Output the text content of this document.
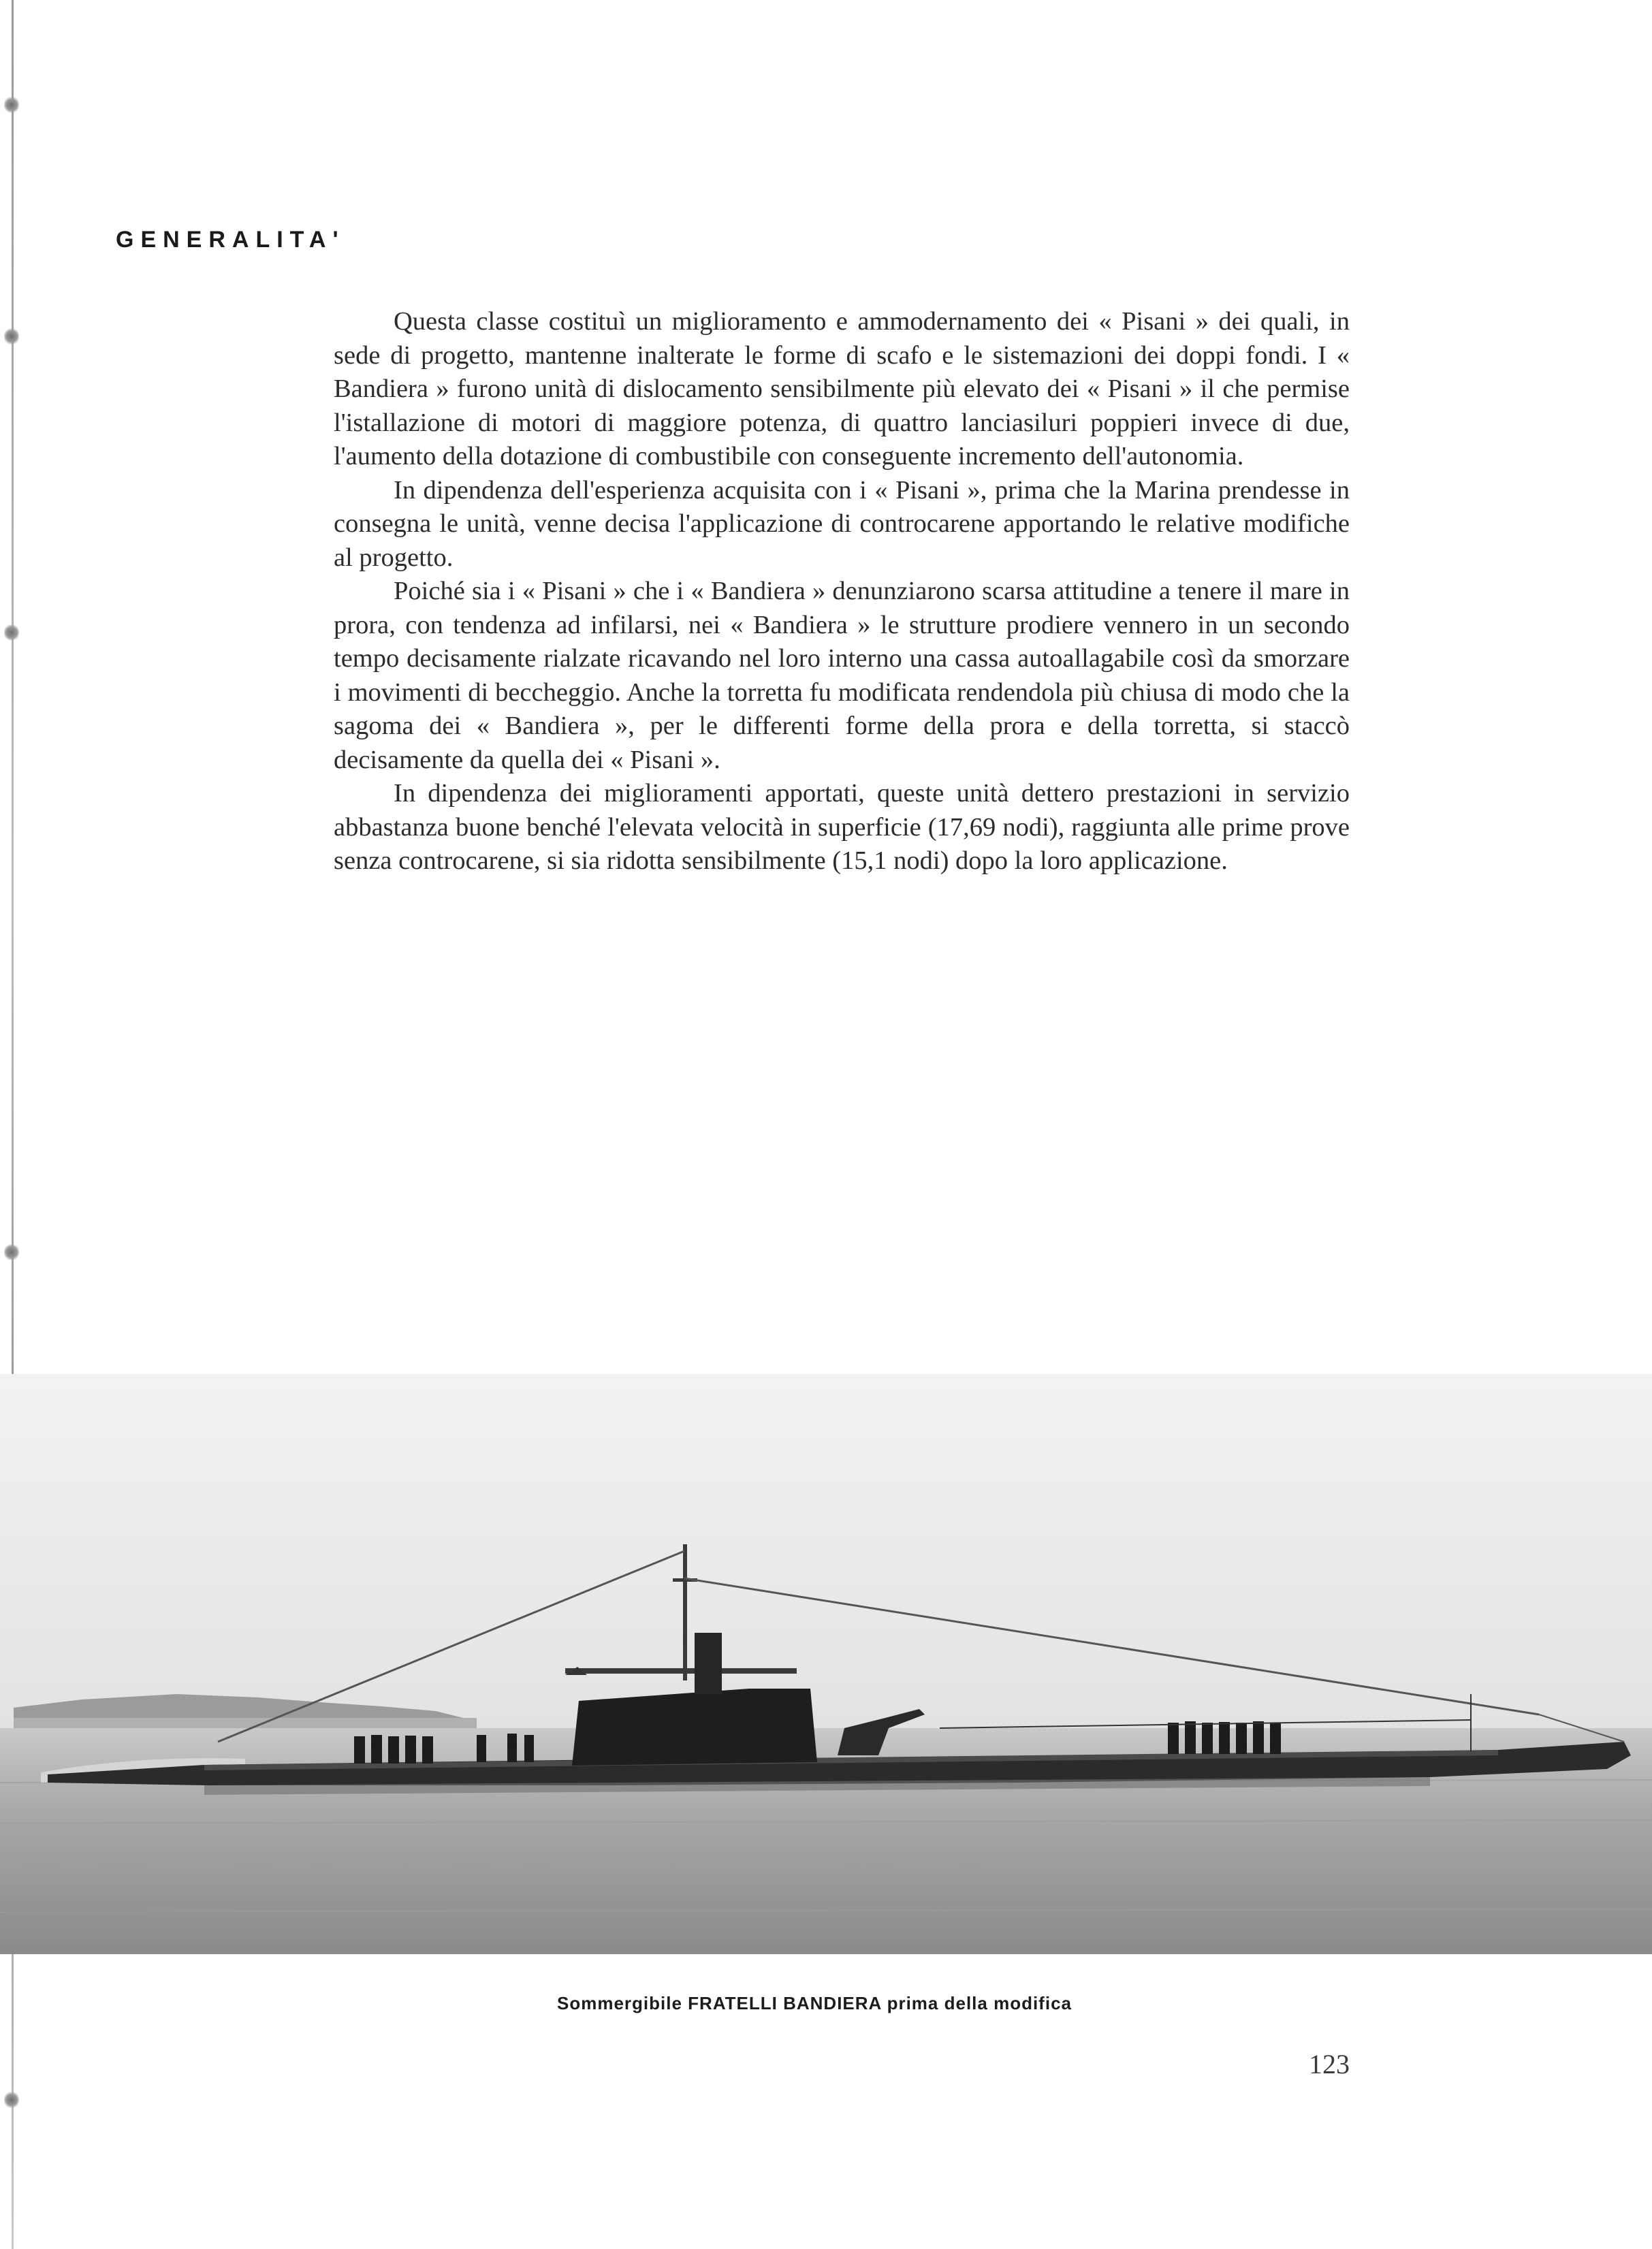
GENERALITA'

Questa classe costituì un miglioramento e ammodernamento dei « Pisani » dei quali, in sede di progetto, mantenne inalterate le forme di scafo e le sistemazioni dei doppi fondi. I « Bandiera » furono unità di dislocamento sensibilmente più elevato dei « Pisani » il che permise l'istallazione di motori di maggiore potenza, di quattro lanciasiluri poppieri invece di due, l'aumento della dotazione di combustibile con conseguente incremento dell'autonomia.

In dipendenza dell'esperienza acquisita con i « Pisani », prima che la Marina prendesse in consegna le unità, venne decisa l'applicazione di controcarene apportando le relative modifiche al progetto.

Poiché sia i « Pisani » che i « Bandiera » denunziarono scarsa attitudine a tenere il mare in prora, con tendenza ad infilarsi, nei « Bandiera » le strutture prodiere vennero in un secondo tempo decisamente rialzate ricavando nel loro interno una cassa autoallagabile così da smorzare i movimenti di beccheggio. Anche la torretta fu modificata rendendola più chiusa di modo che la sagoma dei « Bandiera », per le differenti forme della prora e della torretta, si staccò decisamente da quella dei « Pisani ».

In dipendenza dei miglioramenti apportati, queste unità dettero prestazioni in servizio abbastanza buone benché l'elevata velocità in superficie (17,69 nodi), raggiunta alle prime prove senza controcarene, si sia ridotta sensibilmente (15,1 nodi) dopo la loro applicazione.

Sommergibile FRATELLI BANDIERA prima della modifica

123
